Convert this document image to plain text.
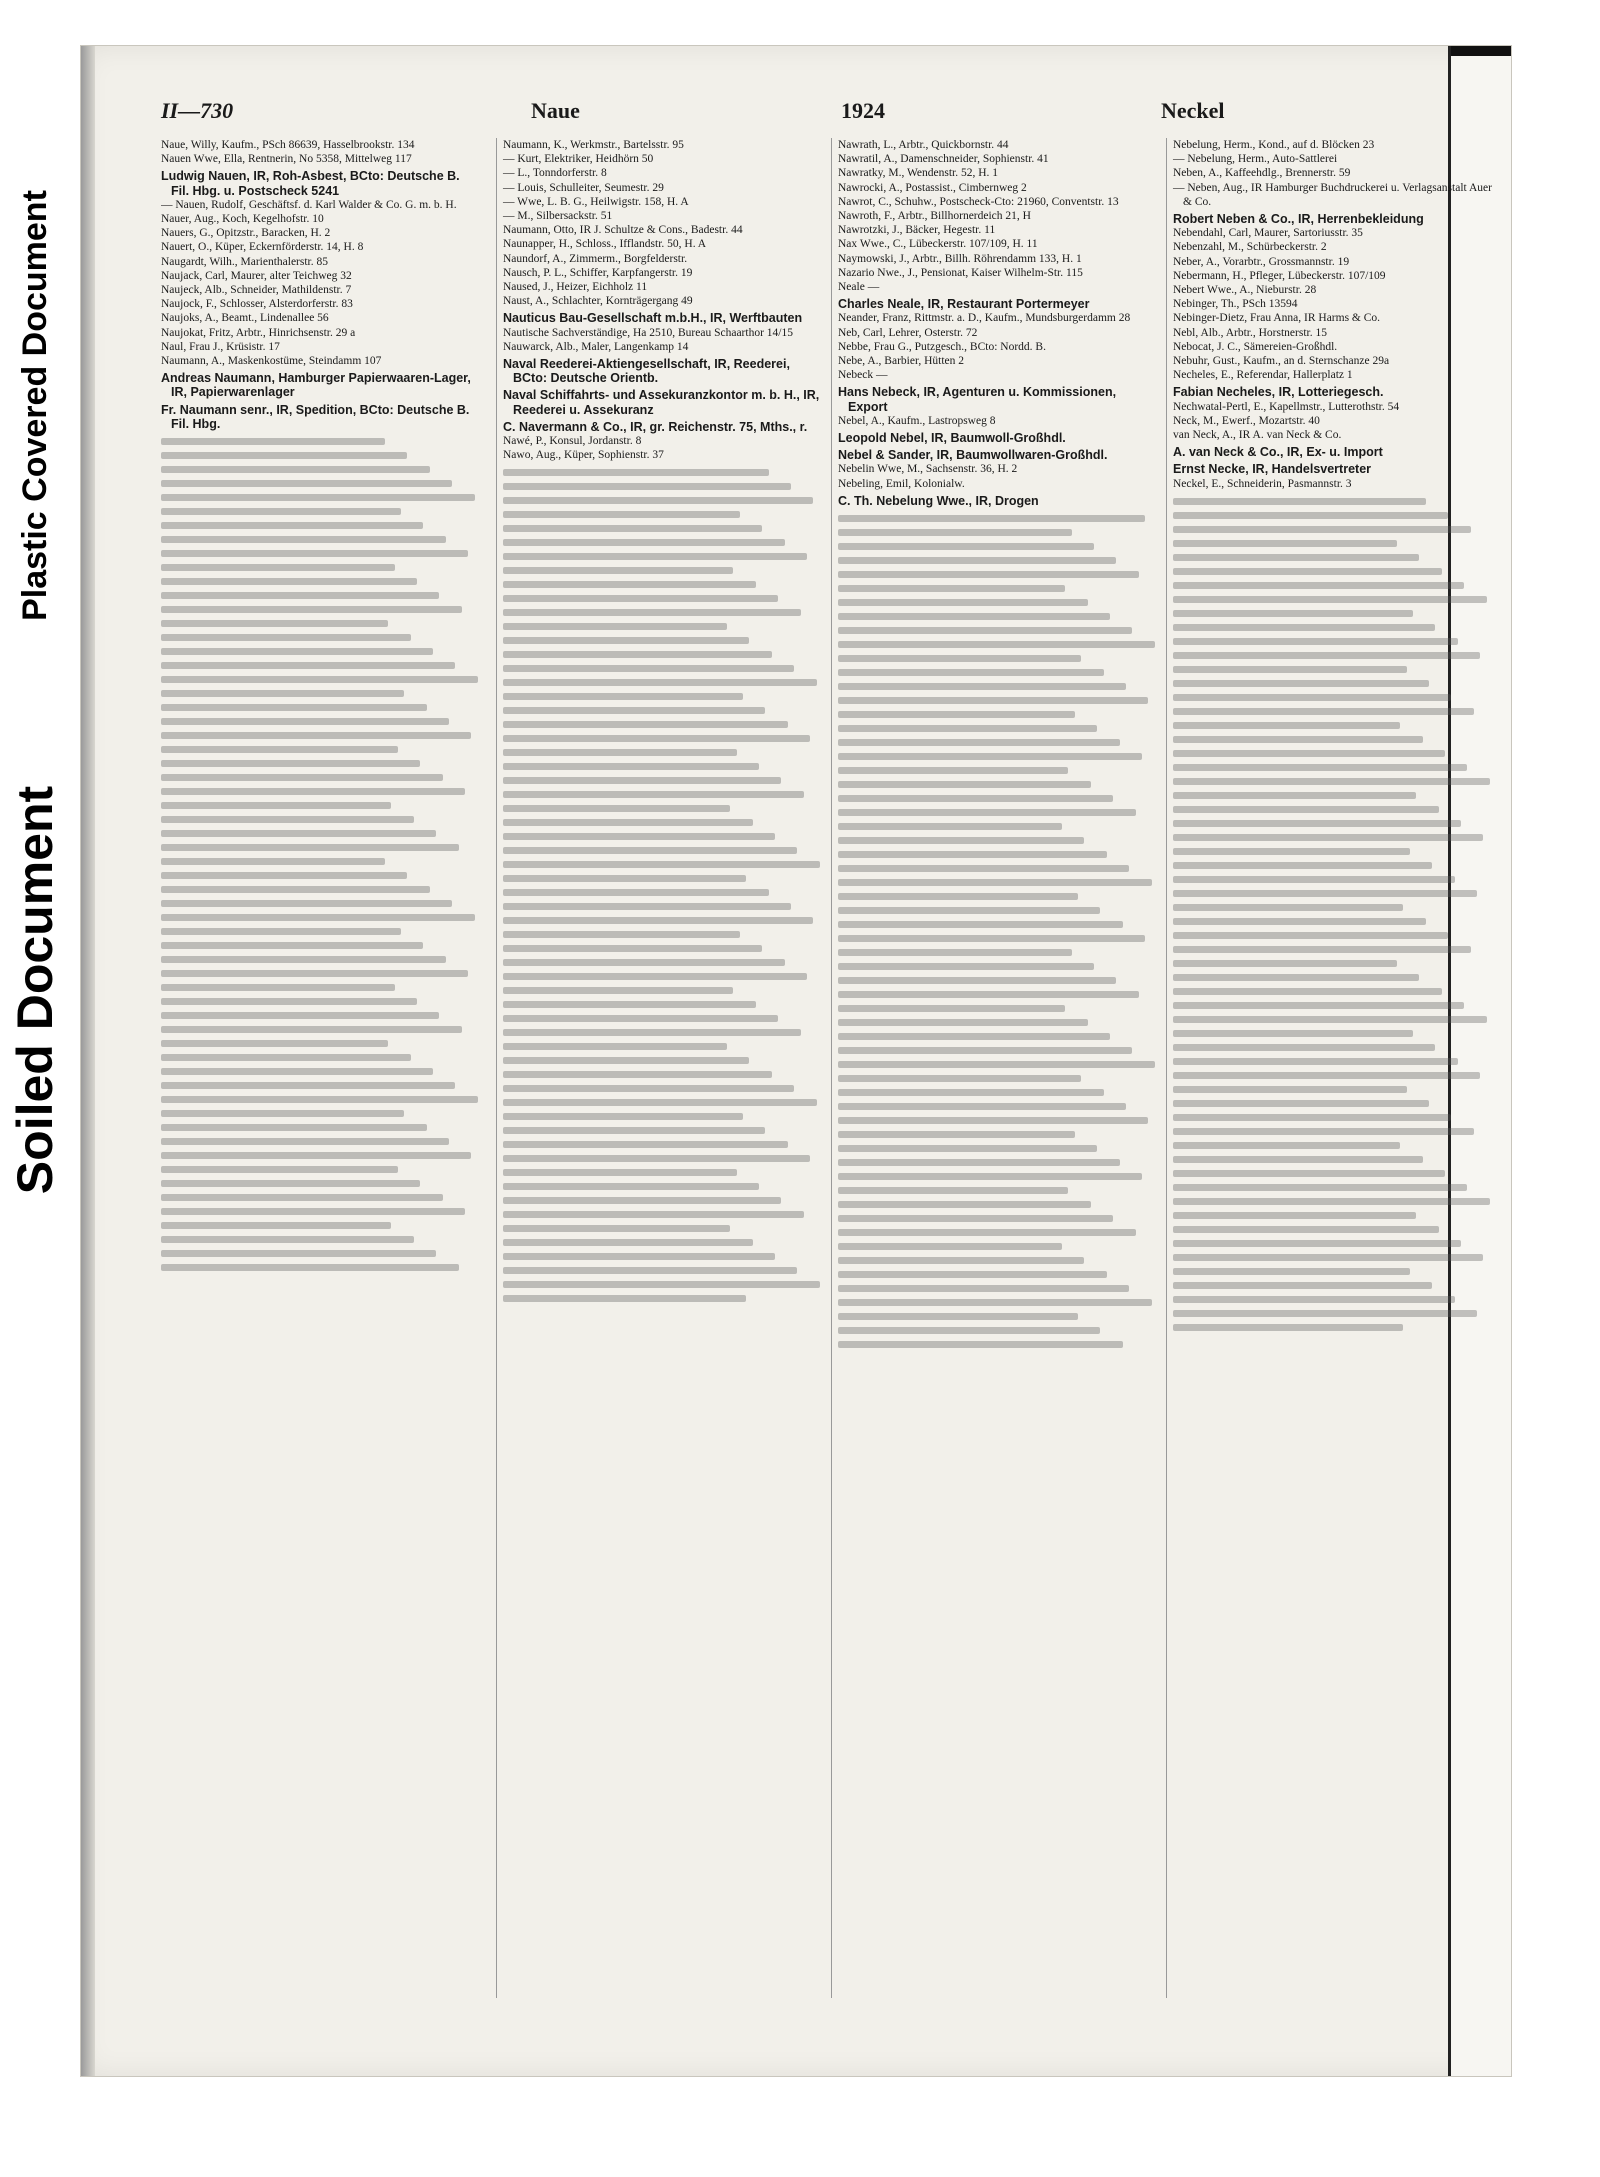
Plastic Covered Document
Soiled Document
II—730	Naue	1924	Neckel

Naue, Willy, Kaufm., PSch 86639, Hasselbrookstr. 134

Nauen Wwe, Ella, Rentnerin, No 5358, Mittelweg 117

Ludwig Nauen, IR, Roh-Asbest, BCto: Deutsche B. Fil. Hbg. u. Postscheck 5241

— Nauen, Rudolf, Geschäftsf. d. Karl Walder & Co. G. m. b. H.

Nauer, Aug., Koch, Kegelhofstr. 10

Nauers, G., Opitzstr., Baracken, H. 2

Nauert, O., Küper, Eckernförderstr. 14, H. 8

Naugardt, Wilh., Marienthalerstr. 85

Naujack, Carl, Maurer, alter Teichweg 32

Naujeck, Alb., Schneider, Mathildenstr. 7

Naujock, F., Schlosser, Alsterdorferstr. 83

Naujoks, A., Beamt., Lindenallee 56

Naujokat, Fritz, Arbtr., Hinrichsenstr. 29 a

Naul, Frau J., Krüsistr. 17

Naumann, A., Maskenkostüme, Steindamm 107

Andreas Naumann, Hamburger Papierwaaren-Lager, IR, Papierwarenlager

Fr. Naumann senr., IR, Spedition, BCto: Deutsche B. Fil. Hbg.

Naumann, K., Werkmstr., Bartelsstr. 95

— Kurt, Elektriker, Heidhörn 50

— L., Tonndorferstr. 8

— Louis, Schulleiter, Seumestr. 29

— Wwe, L. B. G., Heilwigstr. 158, H. A

— M., Silbersackstr. 51

Naumann, Otto, IR J. Schultze & Cons., Badestr. 44

Naunapper, H., Schloss., Ifflandstr. 50, H. A

Naundorf, A., Zimmerm., Borgfelderstr.

Nausch, P. L., Schiffer, Karpfangerstr. 19

Naused, J., Heizer, Eichholz 11

Naust, A., Schlachter, Kornträgergang 49

Nauticus Bau-Gesellschaft m.b.H., IR, Werftbauten

Nautische Sachverständige, Ha 2510, Bureau Schaarthor 14/15

Nauwarck, Alb., Maler, Langenkamp 14

Naval Reederei-Aktiengesellschaft, IR, Reederei, BCto: Deutsche Orientb.

Naval Schiffahrts- und Assekuranzkontor m. b. H., IR, Reederei u. Assekuranz

C. Navermann & Co., IR, gr. Reichenstr. 75, Mths., r.

Nawé, P., Konsul, Jordanstr. 8

Nawo, Aug., Küper, Sophienstr. 37

Nawrath, L., Arbtr., Quickbornstr. 44

Nawratil, A., Damenschneider, Sophienstr. 41

Nawratky, M., Wendenstr. 52, H. 1

Nawrocki, A., Postassist., Cimbernweg 2

Nawrot, C., Schuhw., Postscheck-Cto: 21960, Conventstr. 13

Nawroth, F., Arbtr., Billhornerdeich 21, H

Nawrotzki, J., Bäcker, Hegestr. 11

Nax Wwe., C., Lübeckerstr. 107/109, H. 11

Naymowski, J., Arbtr., Billh. Röhrendamm 133, H. 1

Nazario Nwe., J., Pensionat, Kaiser Wilhelm-Str. 115

Neale —

Charles Neale, IR, Restaurant Portermeyer

Neander, Franz, Rittmstr. a. D., Kaufm., Mundsburgerdamm 28

Neb, Carl, Lehrer, Osterstr. 72

Nebbe, Frau G., Putzgesch., BCto: Nordd. B.

Nebe, A., Barbier, Hütten 2

Nebeck —

Hans Nebeck, IR, Agenturen u. Kommissionen, Export

Nebel, A., Kaufm., Lastropsweg 8

Leopold Nebel, IR, Baumwoll-Großhdl.

Nebel & Sander, IR, Baumwollwaren-Großhdl.

Nebelin Wwe, M., Sachsenstr. 36, H. 2

Nebeling, Emil, Kolonialw.

C. Th. Nebelung Wwe., IR, Drogen

Nebelung, Herm., Kond., auf d. Blöcken 23

— Nebelung, Herm., Auto-Sattlerei

Neben, A., Kaffeehdlg., Brennerstr. 59

— Neben, Aug., IR Hamburger Buchdruckerei u. Verlagsanstalt Auer & Co.

Robert Neben & Co., IR, Herrenbekleidung

Nebendahl, Carl, Maurer, Sartoriusstr. 35

Nebenzahl, M., Schürbeckerstr. 2

Neber, A., Vorarbtr., Grossmannstr. 19

Nebermann, H., Pfleger, Lübeckerstr. 107/109

Nebert Wwe., A., Nieburstr. 28

Nebinger, Th., PSch 13594

Nebinger-Dietz, Frau Anna, IR Harms & Co.

Nebl, Alb., Arbtr., Horstnerstr. 15

Nebocat, J. C., Sämereien-Großhdl.

Nebuhr, Gust., Kaufm., an d. Sternschanze 29a

Necheles, E., Referendar, Hallerplatz 1

Fabian Necheles, IR, Lotteriegesch.

Nechwatal-Pertl, E., Kapellmstr., Lutterothstr. 54

Neck, M., Ewerf., Mozartstr. 40

van Neck, A., IR A. van Neck & Co.

A. van Neck & Co., IR, Ex- u. Import

Ernst Necke, IR, Handelsvertreter

Neckel, E., Schneiderin, Pasmannstr. 3
